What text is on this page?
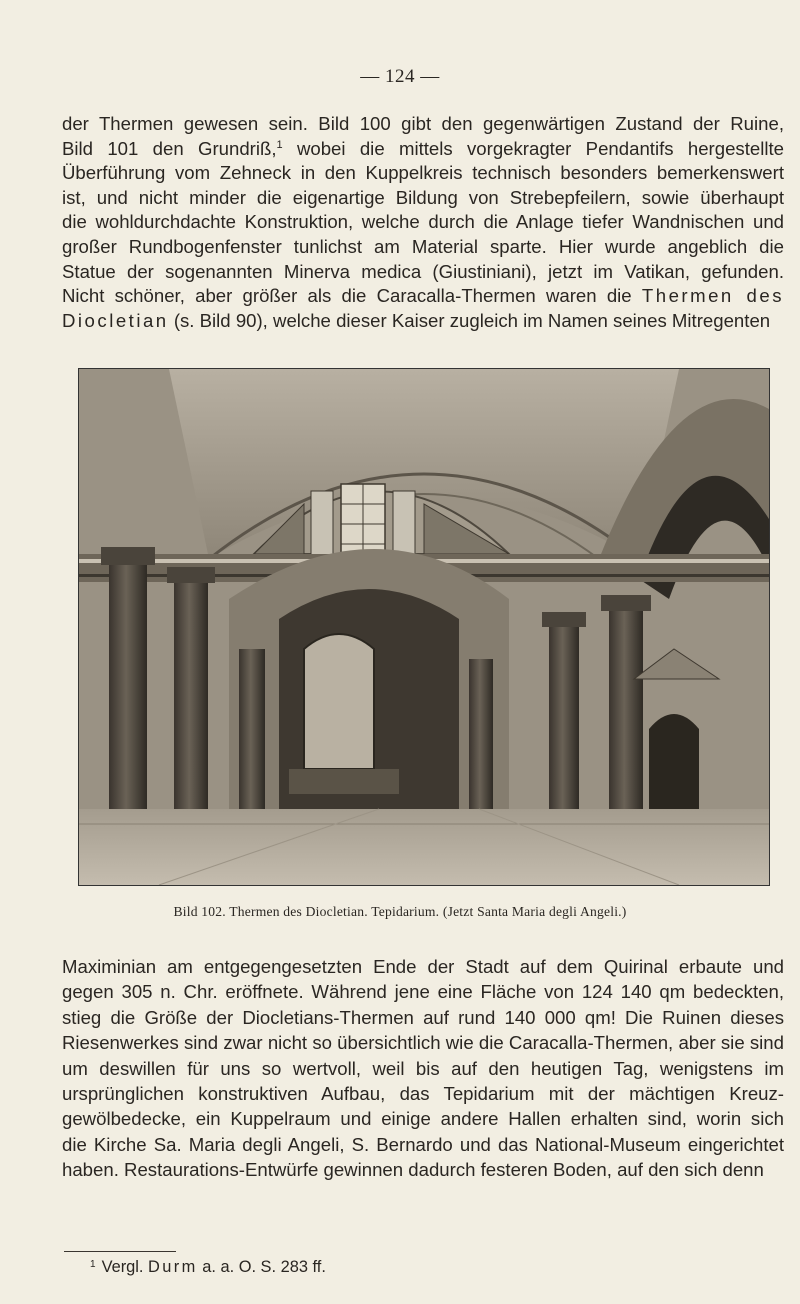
— 124 —
der Thermen gewesen sein. Bild 100 gibt den gegenwärtigen Zustand der Ruine,
Bild 101 den Grundriß,$^1$ wobei die mittels vorgekragter Pendantifs hergestellte
Überführung vom Zehneck in den Kuppelkreis technisch besonders bemerkenswert
ist, und nicht minder die eigenartige Bildung von Strebepfeilern, sowie überhaupt
die wohldurchdachte Konstruktion, welche durch die Anlage tiefer Wandnischen und
großer Rundbogenfenster tunlichst am Material sparte. Hier wurde angeblich die
Statue der sogenannten Minerva medica (Giustiniani), jetzt im Vatikan, gefunden.
Nicht schöner, aber größer als die Caracalla-Thermen waren die Thermen des
Diocletian (s. Bild 90), welche dieser Kaiser zugleich im Namen seines Mitregenten
Bild 102. Thermen des Diocletian. Tepidarium. (Jetzt Santa Maria degli Angeli.)
Maximinian am entgegengesetzten Ende der Stadt auf dem Quirinal erbaute und
gegen 305 n. Chr. eröffnete. Während jene eine Fläche von 124 140 qm bedeckten,
stieg die Größe der Diocletians-Thermen auf rund 140 000 qm! Die Ruinen dieses
Riesenwerkes sind zwar nicht so übersichtlich wie die Caracalla-Thermen, aber sie sind
um deswillen für uns so wertvoll, weil bis auf den heutigen Tag, wenigstens im
ursprünglichen konstruktiven Aufbau, das Tepidarium mit der mächtigen Kreuz-
gewölbedecke, ein Kuppelraum und einige andere Hallen erhalten sind, worin sich
die Kirche Sa. Maria degli Angeli, S. Bernardo und das National-Museum eingerichtet
haben. Restaurations-Entwürfe gewinnen dadurch festeren Boden, auf den sich denn
$^1$ Vergl. Durm a. a. O. S. 283 ff.
